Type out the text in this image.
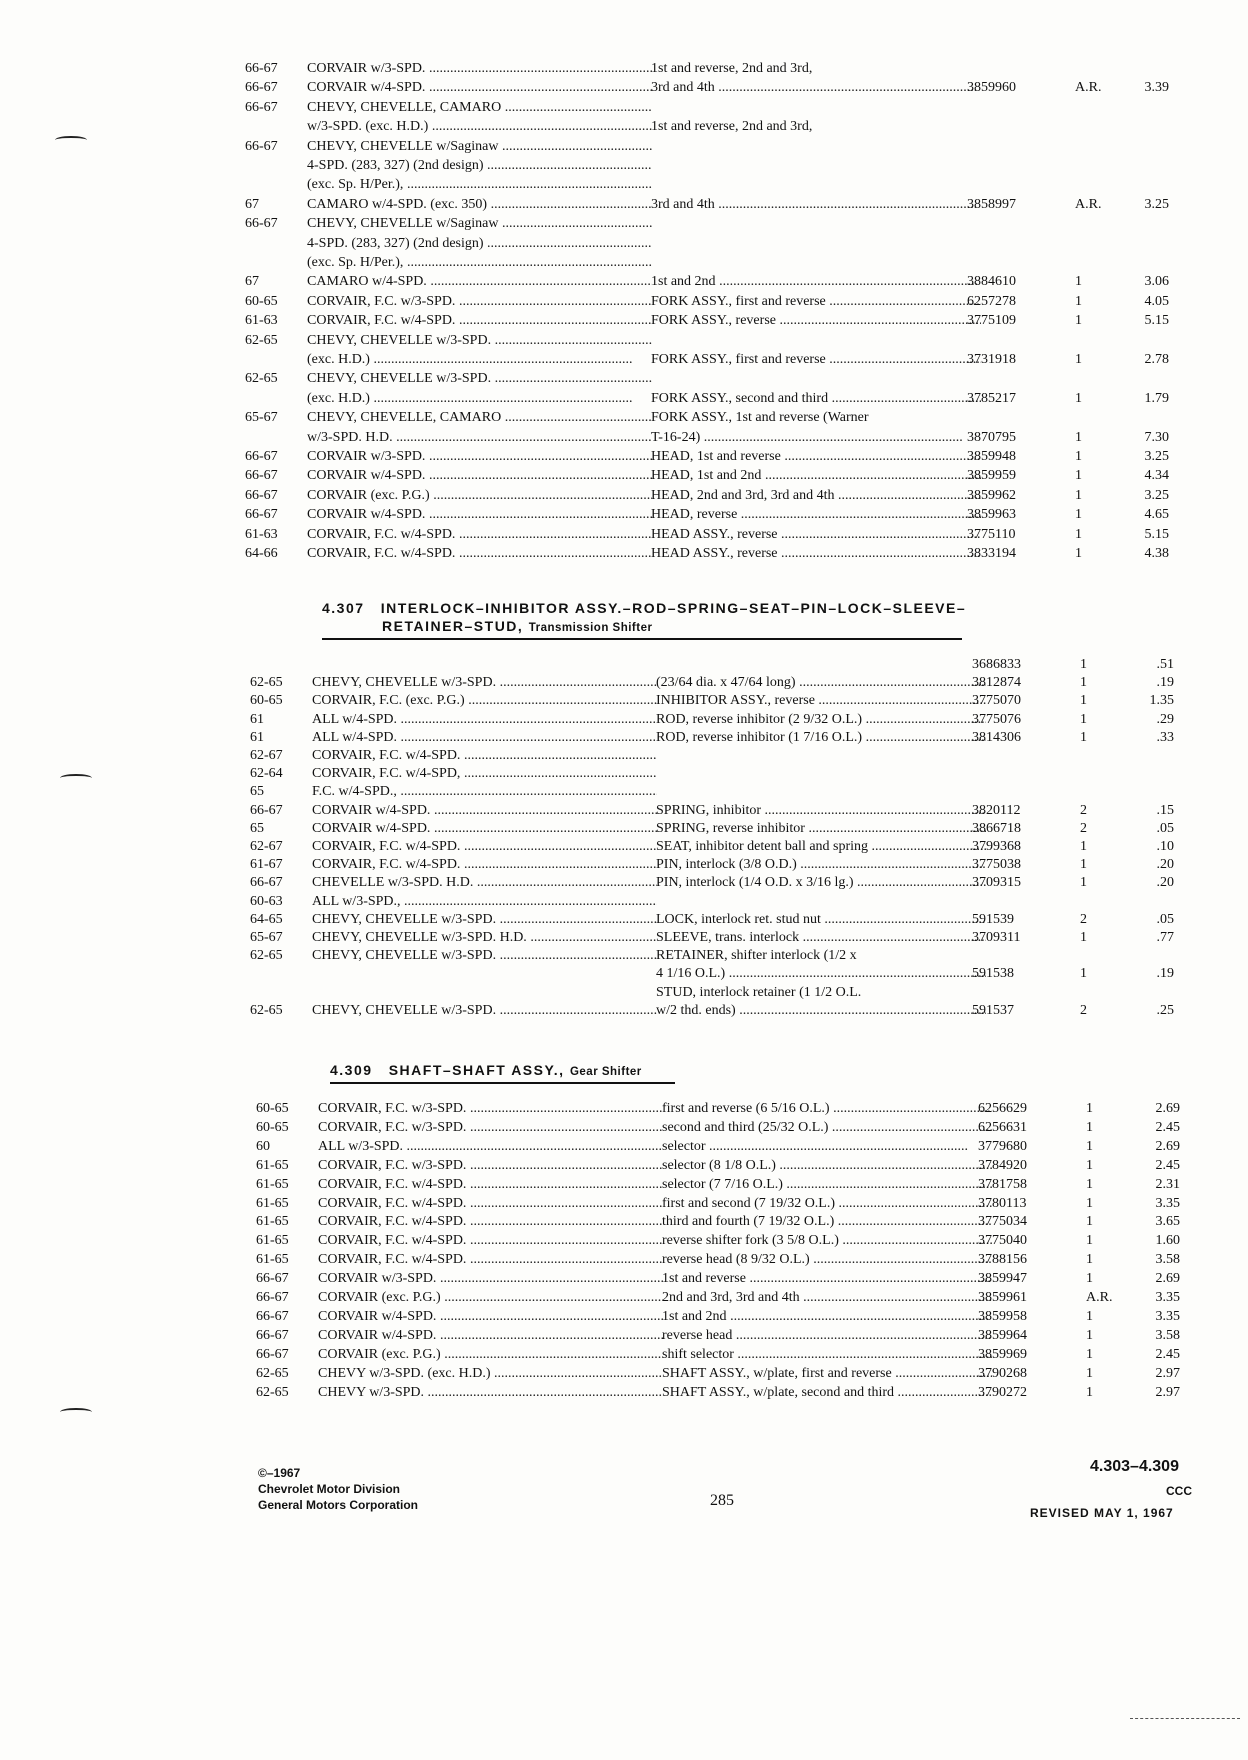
66-67	CORVAIR w/3-SPD. .....	1st and reverse, 2nd and 3rd,
66-67	CORVAIR w/4-SPD. .....	3rd and 4th .....	3859960	A.R.	3.39
66-67	CHEVY, CHEVELLE, CAMARO .....
w/3-SPD. (exc. H.D.) .....	1st and reverse, 2nd and 3rd,
66-67	CHEVY, CHEVELLE w/Saginaw .....
4-SPD. (283, 327) (2nd design) .....
(exc. Sp. H/Per.), .....
67	CAMARO w/4-SPD. (exc. 350) .....	3rd and 4th .....	3858997	A.R.	3.25
66-67	CHEVY, CHEVELLE w/Saginaw .....
4-SPD. (283, 327) (2nd design) .....
(exc. Sp. H/Per.), .....
67	CAMARO w/4-SPD. .....	1st and 2nd .....	3884610	1	3.06
60-65	CORVAIR, F.C. w/3-SPD. .....	FORK ASSY., first and reverse .....	6257278	1	4.05
61-63	CORVAIR, F.C. w/4-SPD. .....	FORK ASSY., reverse .....	3775109	1	5.15
62-65	CHEVY, CHEVELLE w/3-SPD. .....
(exc. H.D.) .....	FORK ASSY., first and reverse .....	3731918	1	2.78
62-65	CHEVY, CHEVELLE w/3-SPD. .....
(exc. H.D.) .....	FORK ASSY., second and third .....	3785217	1	1.79
65-67	CHEVY, CHEVELLE, CAMARO .....	FORK ASSY., 1st and reverse (Warner
w/3-SPD. H.D. .....	T-16-24) .....	3870795	1	7.30
66-67	CORVAIR w/3-SPD. .....	HEAD, 1st and reverse .....	3859948	1	3.25
66-67	CORVAIR w/4-SPD. .....	HEAD, 1st and 2nd .....	3859959	1	4.34
66-67	CORVAIR (exc. P.G.) .....	HEAD, 2nd and 3rd, 3rd and 4th .....	3859962	1	3.25
66-67	CORVAIR w/4-SPD. .....	HEAD, reverse .....	3859963	1	4.65
61-63	CORVAIR, F.C. w/4-SPD. .....	HEAD ASSY., reverse .....	3775110	1	5.15
64-66	CORVAIR, F.C. w/4-SPD. .....	HEAD ASSY., reverse .....	3833194	1	4.38
4.307 INTERLOCK–INHIBITOR ASSY.–ROD–SPRING–SEAT–PIN–LOCK–SLEEVE–
RETAINER–STUD, Transmission Shifter
3686833	1	.51
62-65	CHEVY, CHEVELLE w/3-SPD. .....	(23/64 dia. x 47/64 long) .....	3812874	1	.19
60-65	CORVAIR, F.C. (exc. P.G.) .....	INHIBITOR ASSY., reverse .....	3775070	1	1.35
61	ALL w/4-SPD. .....	ROD, reverse inhibitor (2 9/32 O.L.) .....	3775076	1	.29
61	ALL w/4-SPD. .....	ROD, reverse inhibitor (1 7/16 O.L.) .....	3814306	1	.33
62-67	CORVAIR, F.C. w/4-SPD. .....
62-64	CORVAIR, F.C. w/4-SPD, .....
65	F.C. w/4-SPD., .....
66-67	CORVAIR w/4-SPD. .....	SPRING, inhibitor .....	3820112	2	.15
65	CORVAIR w/4-SPD. .....	SPRING, reverse inhibitor .....	3866718	2	.05
62-67	CORVAIR, F.C. w/4-SPD. .....	SEAT, inhibitor detent ball and spring .....	3799368	1	.10
61-67	CORVAIR, F.C. w/4-SPD. .....	PIN, interlock (3/8 O.D.) .....	3775038	1	.20
66-67	CHEVELLE w/3-SPD. H.D. .....	PIN, interlock (1/4 O.D. x 3/16 lg.) .....	3709315	1	.20
60-63	ALL w/3-SPD., .....
64-65	CHEVY, CHEVELLE w/3-SPD. .....	LOCK, interlock ret. stud nut .....	591539	2	.05
65-67	CHEVY, CHEVELLE w/3-SPD. H.D. .....	SLEEVE, trans. interlock .....	3709311	1	.77
62-65	CHEVY, CHEVELLE w/3-SPD. .....	RETAINER, shifter interlock (1/2 x
4 1/16 O.L.) .....	591538	1	.19
STUD, interlock retainer (1 1/2 O.L.
62-65	CHEVY, CHEVELLE w/3-SPD. .....	w/2 thd. ends) .....	591537	2	.25
4.309 SHAFT–SHAFT ASSY., Gear Shifter
60-65	CORVAIR, F.C. w/3-SPD. .....	first and reverse (6 5/16 O.L.) .....	6256629	1	2.69
60-65	CORVAIR, F.C. w/3-SPD. .....	second and third (25/32 O.L.) .....	6256631	1	2.45
60	ALL w/3-SPD. .....	selector .....	3779680	1	2.69
61-65	CORVAIR, F.C. w/3-SPD. .....	selector (8 1/8 O.L.) .....	3784920	1	2.45
61-65	CORVAIR, F.C. w/4-SPD. .....	selector (7 7/16 O.L.) .....	3781758	1	2.31
61-65	CORVAIR, F.C. w/4-SPD. .....	first and second (7 19/32 O.L.) .....	3780113	1	3.35
61-65	CORVAIR, F.C. w/4-SPD. .....	third and fourth (7 19/32 O.L.) .....	3775034	1	3.65
61-65	CORVAIR, F.C. w/4-SPD. .....	reverse shifter fork (3 5/8 O.L.) .....	3775040	1	1.60
61-65	CORVAIR, F.C. w/4-SPD. .....	reverse head (8 9/32 O.L.) .....	3788156	1	3.58
66-67	CORVAIR w/3-SPD. .....	1st and reverse .....	3859947	1	2.69
66-67	CORVAIR (exc. P.G.) .....	2nd and 3rd, 3rd and 4th .....	3859961	A.R.	3.35
66-67	CORVAIR w/4-SPD. .....	1st and 2nd .....	3859958	1	3.35
66-67	CORVAIR w/4-SPD. .....	reverse head .....	3859964	1	3.58
66-67	CORVAIR (exc. P.G.) .....	shift selector .....	3859969	1	2.45
62-65	CHEVY w/3-SPD. (exc. H.D.) .....	SHAFT ASSY., w/plate, first and reverse .....	3790268	1	2.97
62-65	CHEVY w/3-SPD. .....	SHAFT ASSY., w/plate, second and third .....	3790272	1	2.97
©–1967
Chevrolet Motor Division
General Motors Corporation	285
4.303–4.309
CCC
REVISED MAY 1, 1967
